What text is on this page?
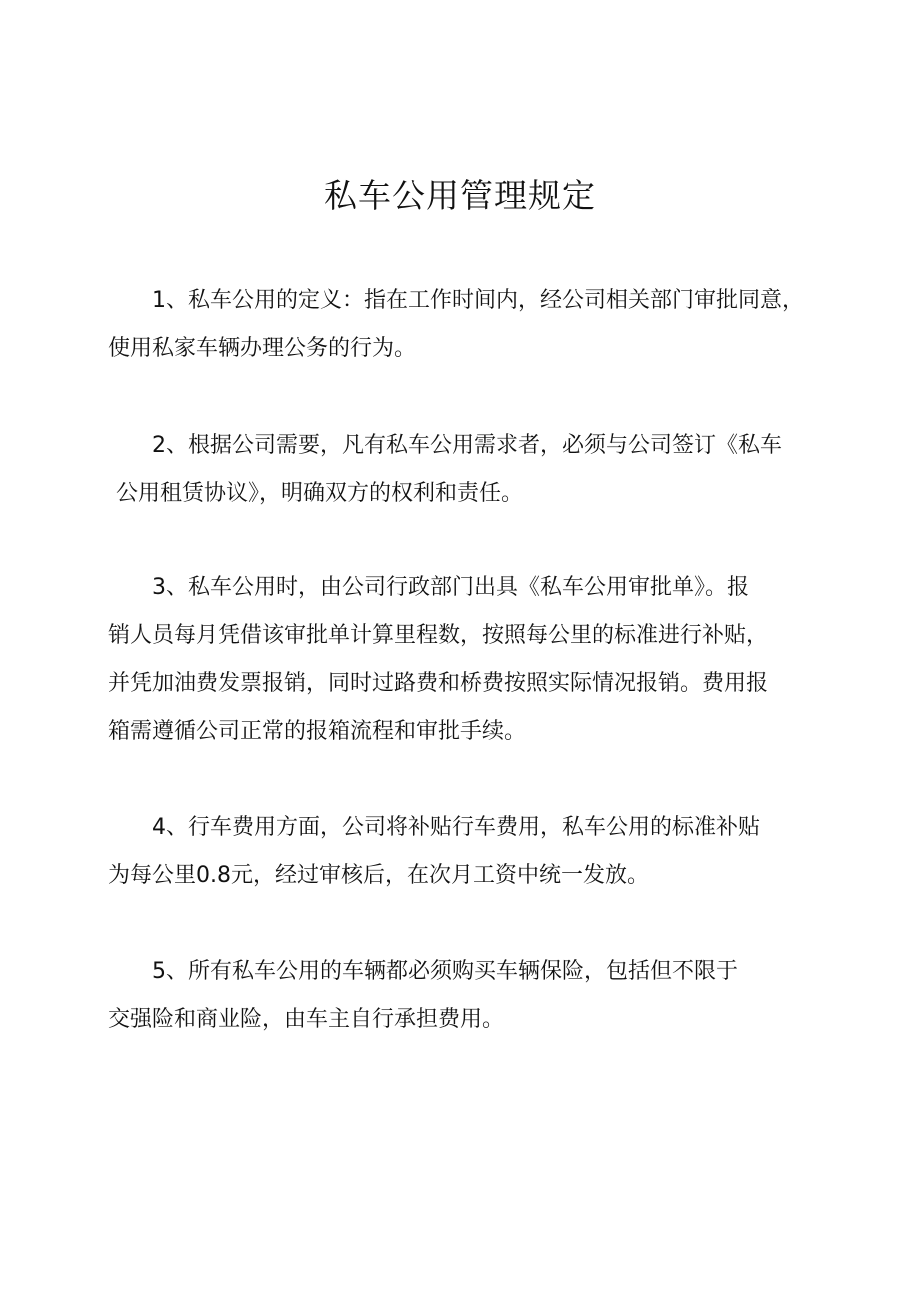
私车公用管理规定
1、私车公用的定义：指在工作时间内，经公司相关部门审批同意，
使用私家车辆办理公务的行为。
2、根据公司需要，凡有私车公用需求者，必须与公司签订《私车
公用租赁协议》，明确双方的权利和责任。
3、私车公用时，由公司行政部门出具《私车公用审批单》。报
销人员每月凭借该审批单计算里程数，按照每公里的标准进行补贴，
并凭加油费发票报销，同时过路费和桥费按照实际情况报销。费用报
箱需遵循公司正常的报箱流程和审批手续。
4、行车费用方面，公司将补贴行车费用，私车公用的标准补贴
为每公里0.8元，经过审核后，在次月工资中统一发放。
5、所有私车公用的车辆都必须购买车辆保险，包括但不限于
交强险和商业险，由车主自行承担费用。
